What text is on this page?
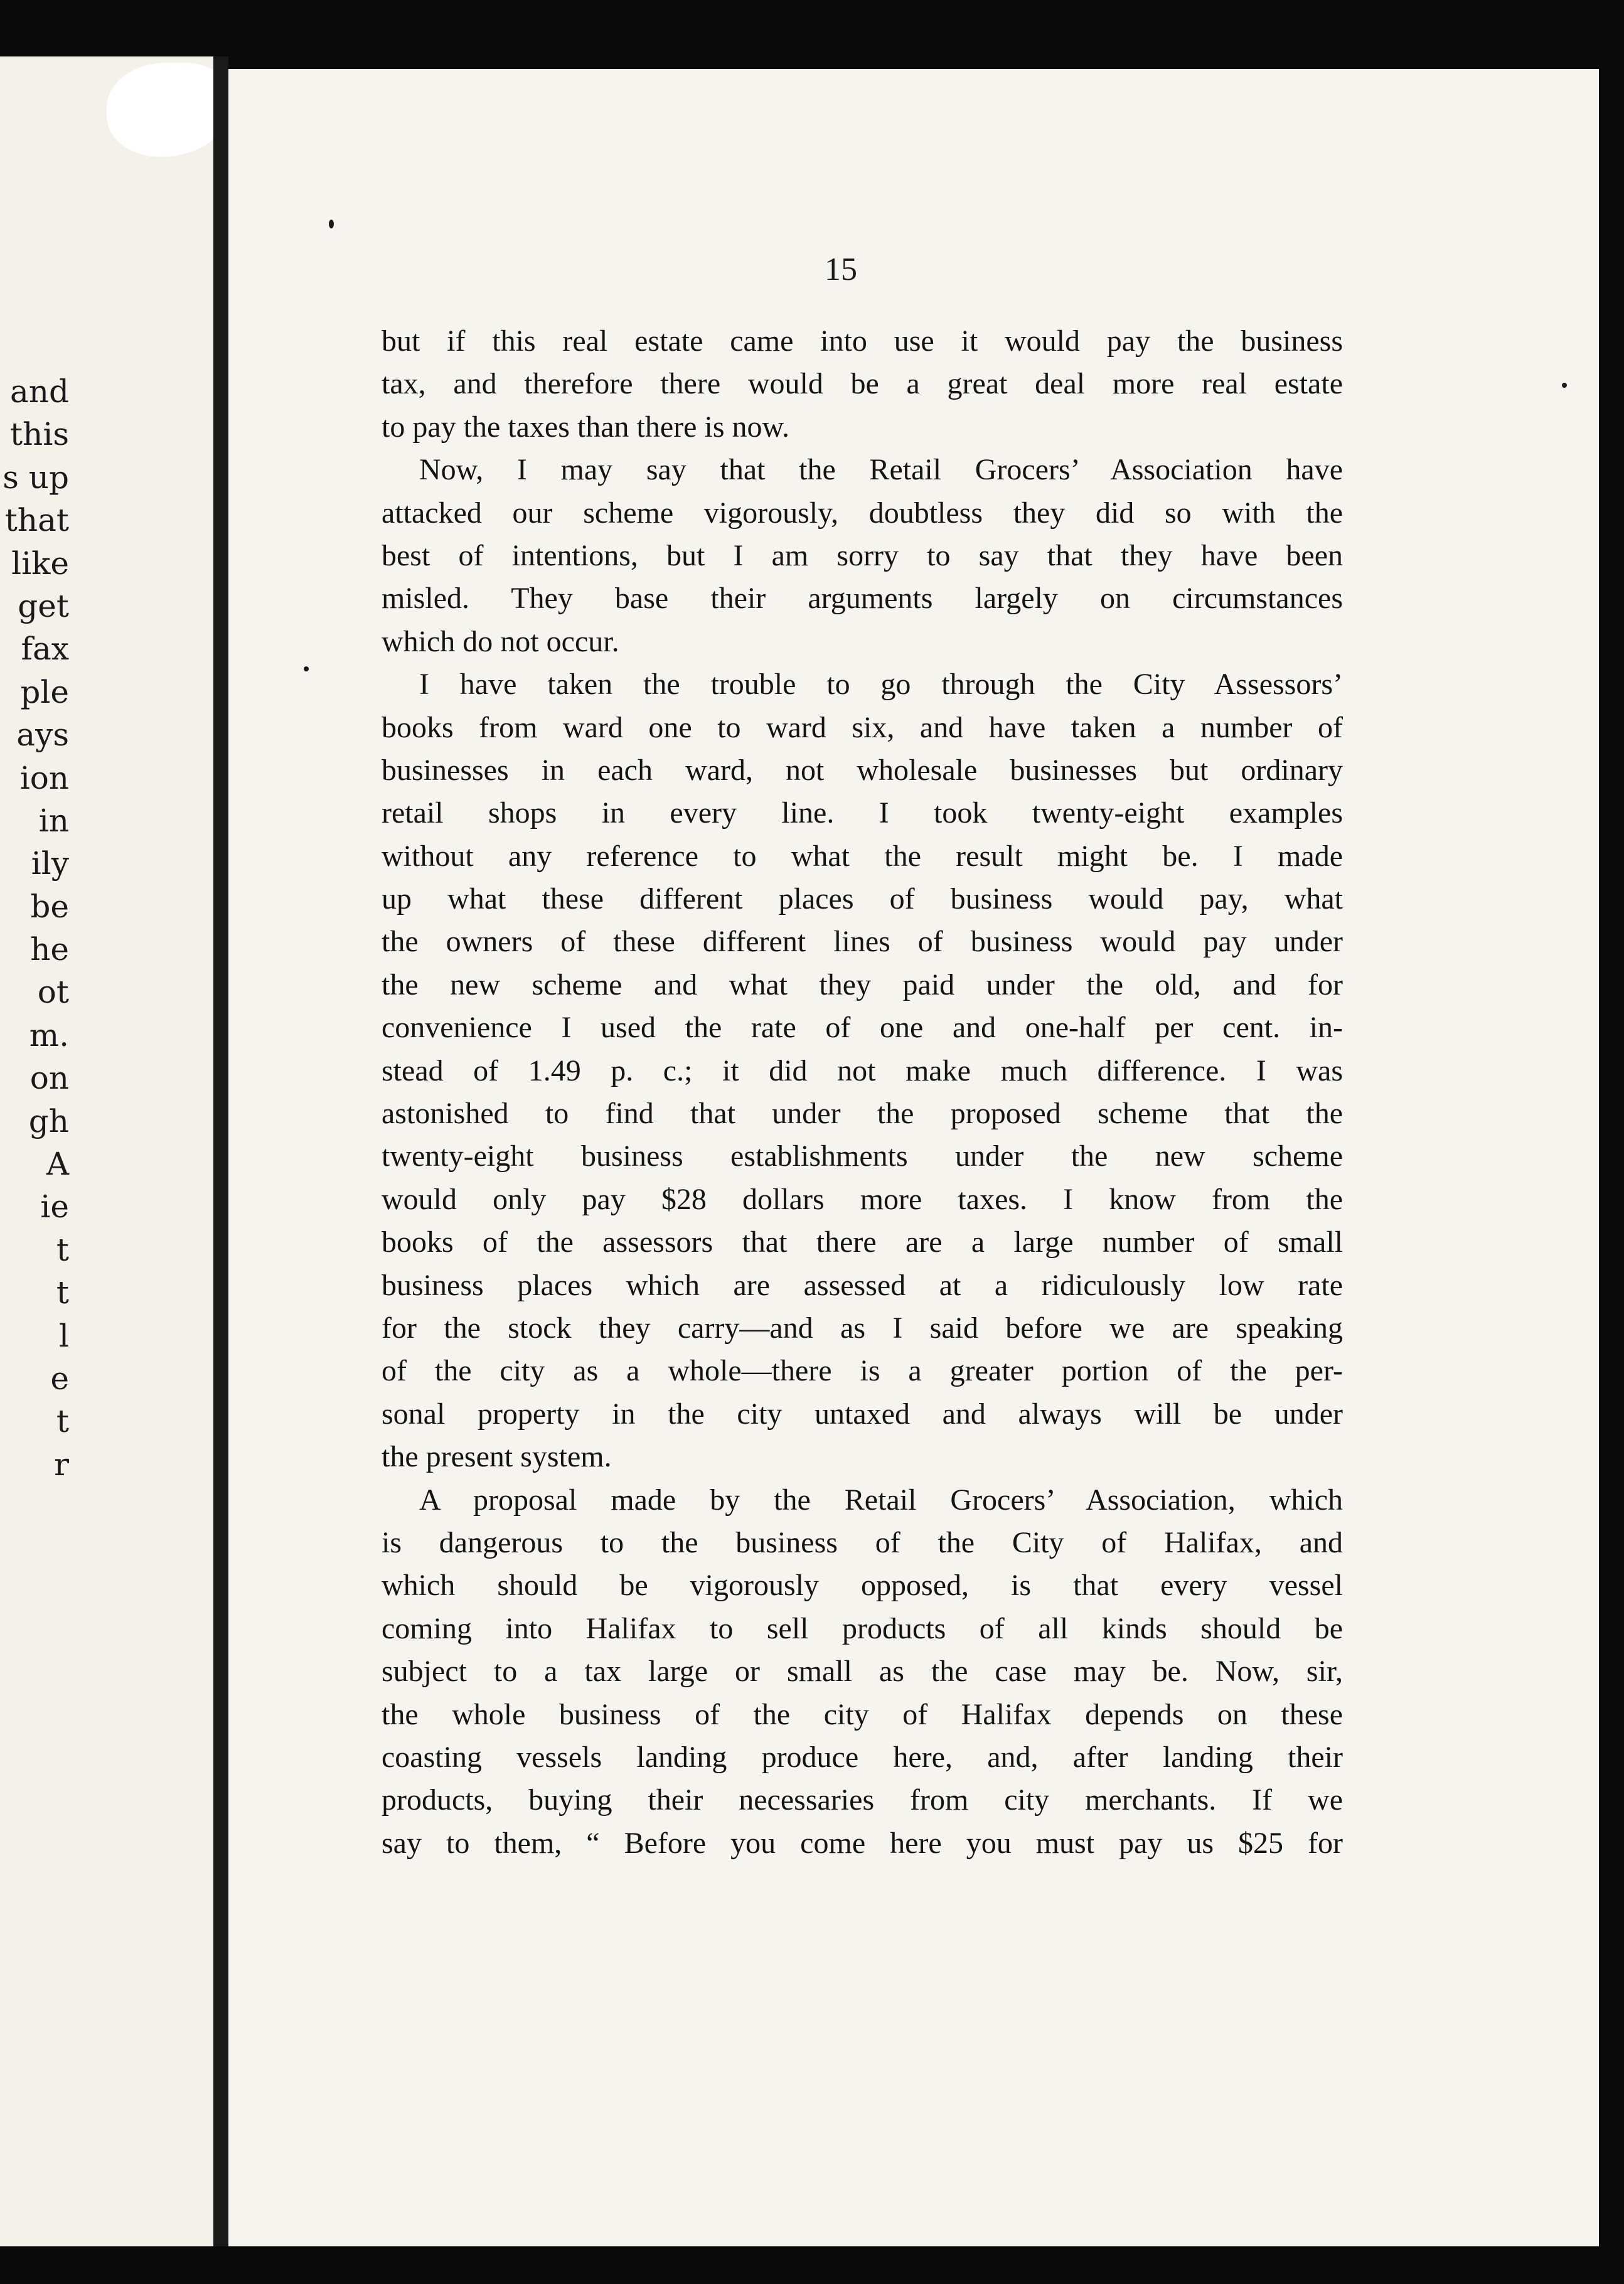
and
this
s up
that
like
get
fax
ple
ays
ion
in
ily
be
he
ot
m.
on
gh
A
ie
t
t
l
e
t
r
15
but if this real estate came into use it would pay the business
tax, and therefore there would be a great deal more real estate
to pay the taxes than there is now.
Now, I may say that the Retail Grocers’ Association have
attacked our scheme vigorously, doubtless they did so with the
best of intentions, but I am sorry to say that they have been
misled. They base their arguments largely on circumstances
which do not occur.
I have taken the trouble to go through the City Assessors’
books from ward one to ward six, and have taken a number of
businesses in each ward, not wholesale businesses but ordinary
retail shops in every line. I took twenty-eight examples
without any reference to what the result might be. I made
up what these different places of business would pay, what
the owners of these different lines of business would pay under
the new scheme and what they paid under the old, and for
convenience I used the rate of one and one-half per cent. in-
stead of 1.49 p. c.; it did not make much difference. I was
astonished to find that under the proposed scheme that the
twenty-eight business establishments under the new scheme
would only pay $28 dollars more taxes. I know from the
books of the assessors that there are a large number of small
business places which are assessed at a ridiculously low rate
for the stock they carry—and as I said before we are speaking
of the city as a whole—there is a greater portion of the per-
sonal property in the city untaxed and always will be under
the present system.
A proposal made by the Retail Grocers’ Association, which
is dangerous to the business of the City of Halifax, and
which should be vigorously opposed, is that every vessel
coming into Halifax to sell products of all kinds should be
subject to a tax large or small as the case may be. Now, sir,
the whole business of the city of Halifax depends on these
coasting vessels landing produce here, and, after landing their
products, buying their necessaries from city merchants. If we
say to them, “ Before you come here you must pay us $25 for
